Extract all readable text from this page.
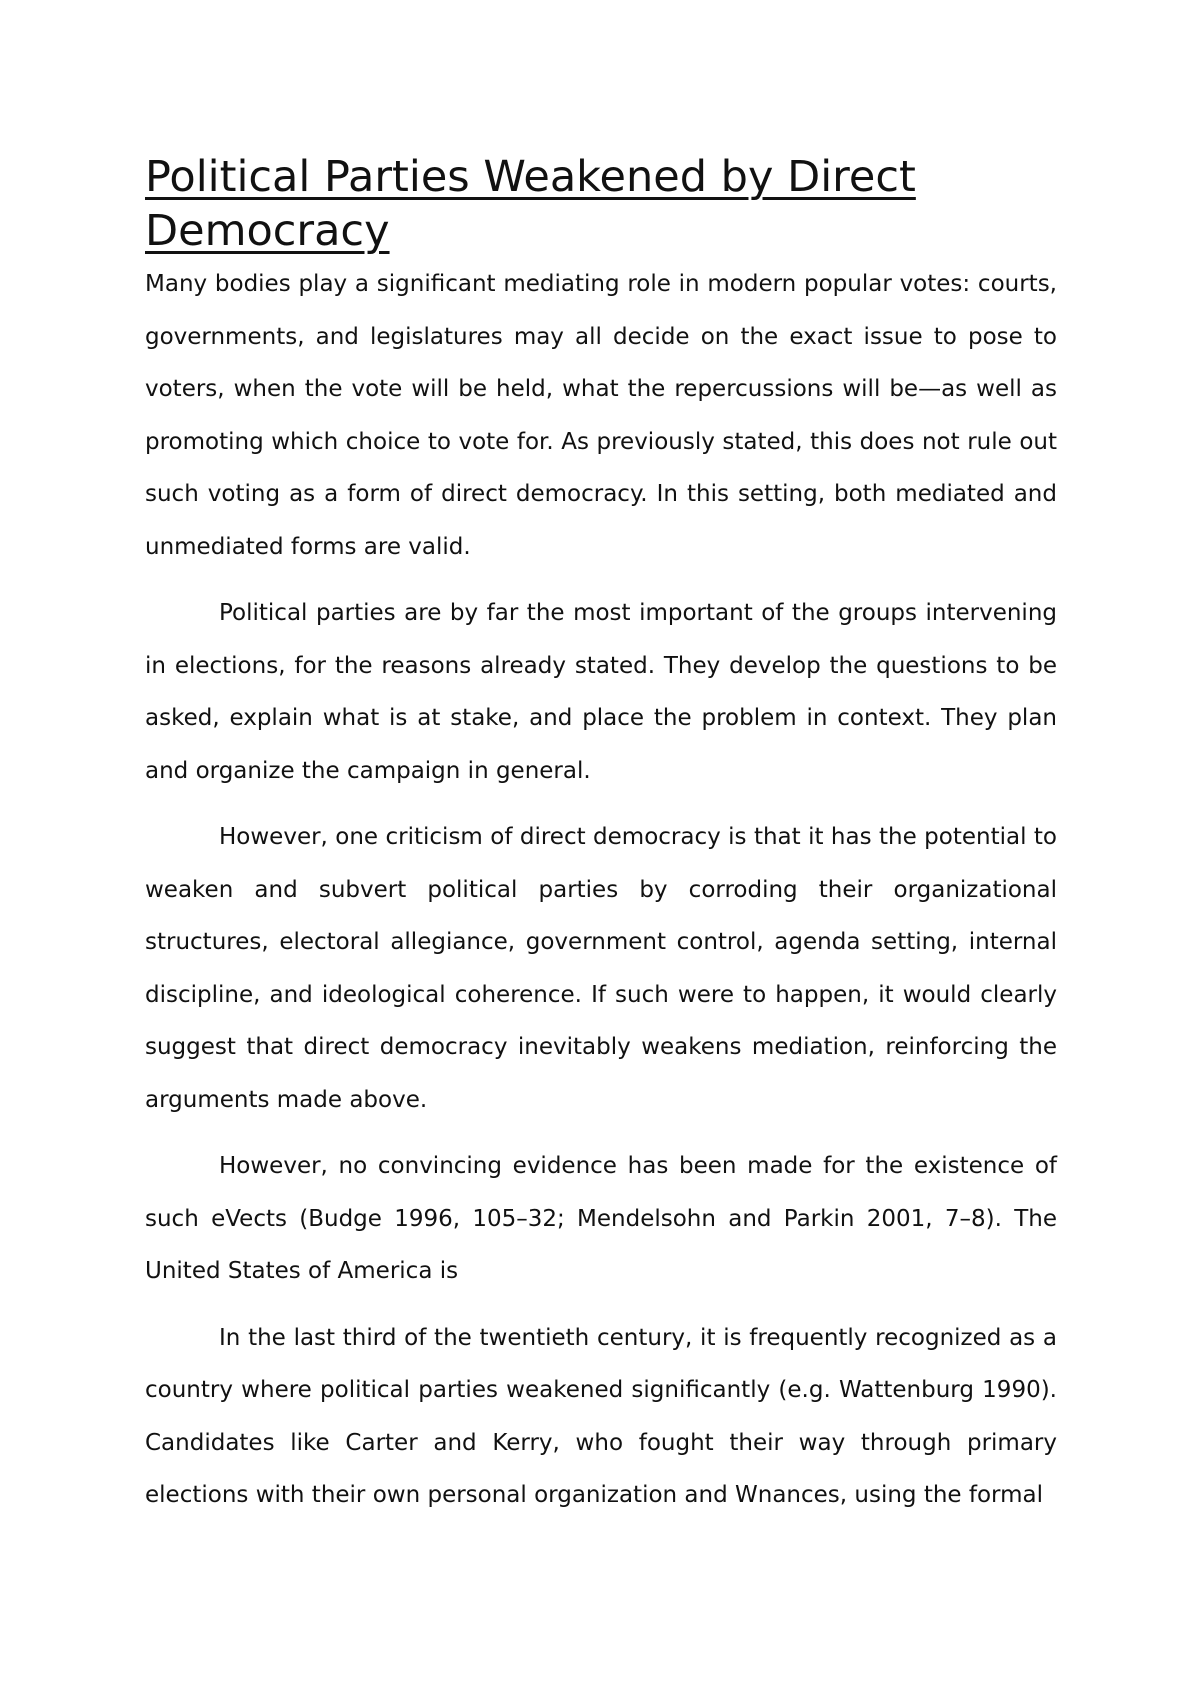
Political Parties Weakened by Direct Democracy

Many bodies play a significant mediating role in modern popular votes: courts, governments, and legislatures may all decide on the exact issue to pose to voters, when the vote will be held, what the repercussions will be—as well as promoting which choice to vote for. As previously stated, this does not rule out such voting as a form of direct democracy. In this setting, both mediated and unmediated forms are valid.

Political parties are by far the most important of the groups intervening in elections, for the reasons already stated. They develop the questions to be asked, explain what is at stake, and place the problem in context. They plan and organize the campaign in general.

However, one criticism of direct democracy is that it has the potential to weaken and subvert political parties by corroding their organizational structures, electoral allegiance, government control, agenda setting, internal discipline, and ideological coherence. If such were to happen, it would clearly suggest that direct democracy inevitably weakens mediation, reinforcing the arguments made above.

However, no convincing evidence has been made for the existence of such eVects (Budge 1996, 105–32; Mendelsohn and Parkin 2001, 7–8). The United States of America is

In the last third of the twentieth century, it is frequently recognized as a country where political parties weakened significantly (e.g. Wattenburg 1990). Candidates like Carter and Kerry, who fought their way through primary elections with their own personal organization and Wnances, using the formal
